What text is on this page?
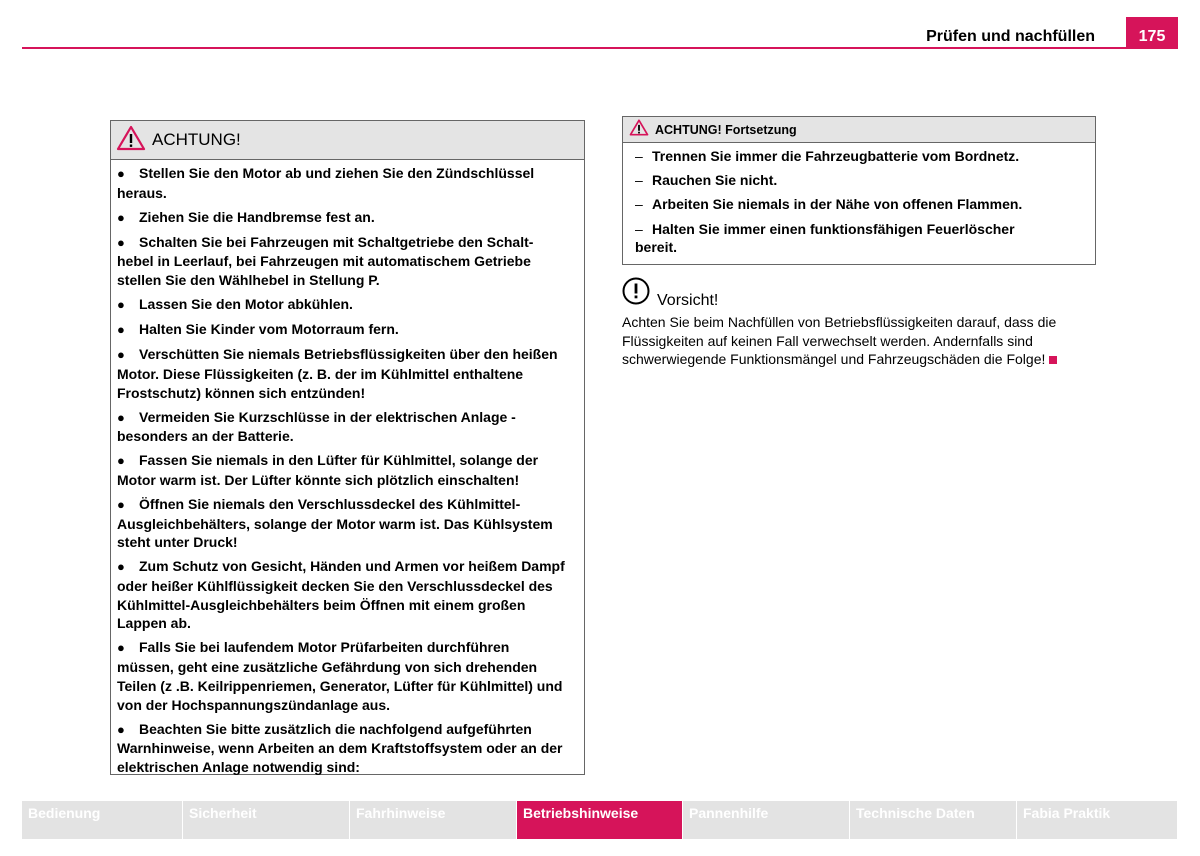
Prüfen und nachfüllen	175
ACHTUNG!
● Stellen Sie den Motor ab und ziehen Sie den Zündschlüssel
heraus.
● Ziehen Sie die Handbremse fest an.
● Schalten Sie bei Fahrzeugen mit Schaltgetriebe den Schalt-
hebel in Leerlauf, bei Fahrzeugen mit automatischem Getriebe
stellen Sie den Wählhebel in Stellung P.
● Lassen Sie den Motor abkühlen.
● Halten Sie Kinder vom Motorraum fern.
● Verschütten Sie niemals Betriebsflüssigkeiten über den heißen
Motor. Diese Flüssigkeiten (z. B. der im Kühlmittel enthaltene
Frostschutz) können sich entzünden!
● Vermeiden Sie Kurzschlüsse in der elektrischen Anlage -
besonders an der Batterie.
● Fassen Sie niemals in den Lüfter für Kühlmittel, solange der
Motor warm ist. Der Lüfter könnte sich plötzlich einschalten!
● Öffnen Sie niemals den Verschlussdeckel des Kühlmittel-
Ausgleichbehälters, solange der Motor warm ist. Das Kühlsystem
steht unter Druck!
● Zum Schutz von Gesicht, Händen und Armen vor heißem Dampf
oder heißer Kühlflüssigkeit decken Sie den Verschlussdeckel des
Kühlmittel-Ausgleichbehälters beim Öffnen mit einem großen
Lappen ab.
● Falls Sie bei laufendem Motor Prüfarbeiten durchführen
müssen, geht eine zusätzliche Gefährdung von sich drehenden
Teilen (z .B. Keilrippenriemen, Generator, Lüfter für Kühlmittel) und
von der Hochspannungszündanlage aus.
● Beachten Sie bitte zusätzlich die nachfolgend aufgeführten
Warnhinweise, wenn Arbeiten an dem Kraftstoffsystem oder an der
elektrischen Anlage notwendig sind:
ACHTUNG! Fortsetzung
– Trennen Sie immer die Fahrzeugbatterie vom Bordnetz.
– Rauchen Sie nicht.
– Arbeiten Sie niemals in der Nähe von offenen Flammen.
– Halten Sie immer einen funktionsfähigen Feuerlöscher
bereit.
Vorsicht!
Achten Sie beim Nachfüllen von Betriebsflüssigkeiten darauf, dass die
Flüssigkeiten auf keinen Fall verwechselt werden. Andernfalls sind
schwerwiegende Funktionsmängel und Fahrzeugschäden die Folge!
Bedienung	Sicherheit	Fahrhinweise	Betriebshinweise	Pannenhilfe	Technische Daten	Fabia Praktik
